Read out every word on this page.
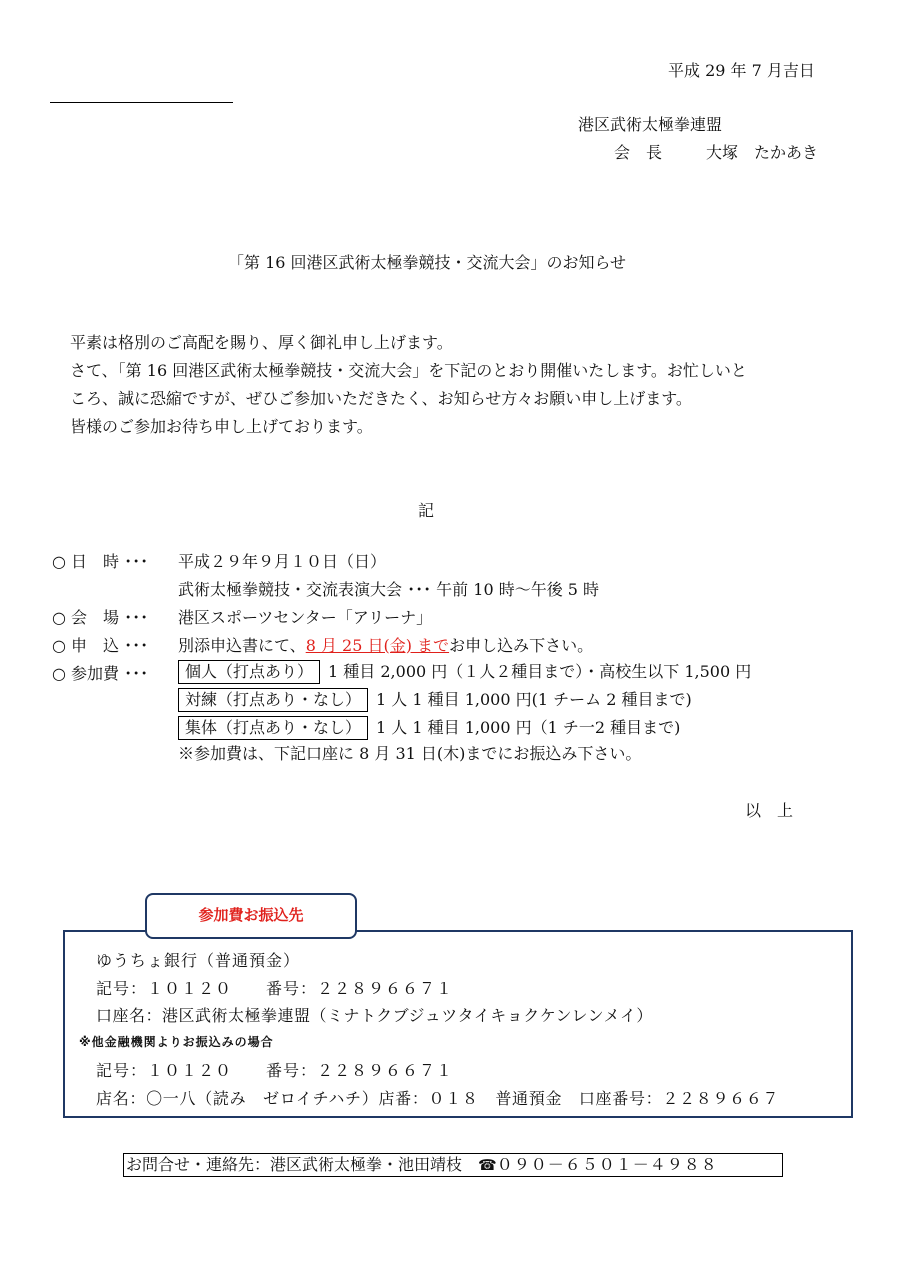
平成 29 年 7 月吉日
港区武術太極拳連盟
会　長	大塚　たかあき
「第 16 回港区武術太極拳競技・交流大会」のお知らせ
平素は格別のご高配を賜り、厚く御礼申し上げます。
さて、「第 16 回港区武術太極拳競技・交流大会」を下記のとおり開催いたします。お忙しいと
ころ、誠に恐縮ですが、ぜひご参加いただきたく、お知らせ方々お願い申し上げます。
皆様のご参加お待ち申し上げております。
記
○ 日　時 ･･･ 平成２９年９月１０日（日）
武術太極拳競技・交流表演大会 ･･･ 午前 10 時～午後 5 時
○ 会　場 ･･･ 港区スポーツセンター「アリーナ」
○ 申　込 ･･･ 別添申込書にて、8 月 25 日(金) までお申し込み下さい。
○ 参加費 ･･･	個人（打点あり） 1 種目 2,000 円（１人２種目まで）・高校生以下 1,500 円
対練（打点あり・なし） 1 人 1 種目 1,000 円(1 チーム 2 種目まで)
集体（打点あり・なし） 1 人 1 種目 1,000 円（1 チ一2 種目まで)
※参加費は、下記口座に 8 月 31 日(木)までにお振込み下さい。
以　上
参加費お振込先
ゆうちょ銀行（普通預金）
記号：１０１２０　　番号：２２８９６６７１
口座名：港区武術太極拳連盟（ミナトクブジュツタイキョクケンレンメイ）
※他金融機関よりお振込みの場合
記号：１０１２０　　番号：２２８９６６７１
店名：〇一八（読み　ゼロイチハチ）店番：０１８　普通預金　口座番号：２２８９６６７
お問合せ・連絡先：港区武術太極拳・池田靖枝　☎０９０－６５０１－４９８８
